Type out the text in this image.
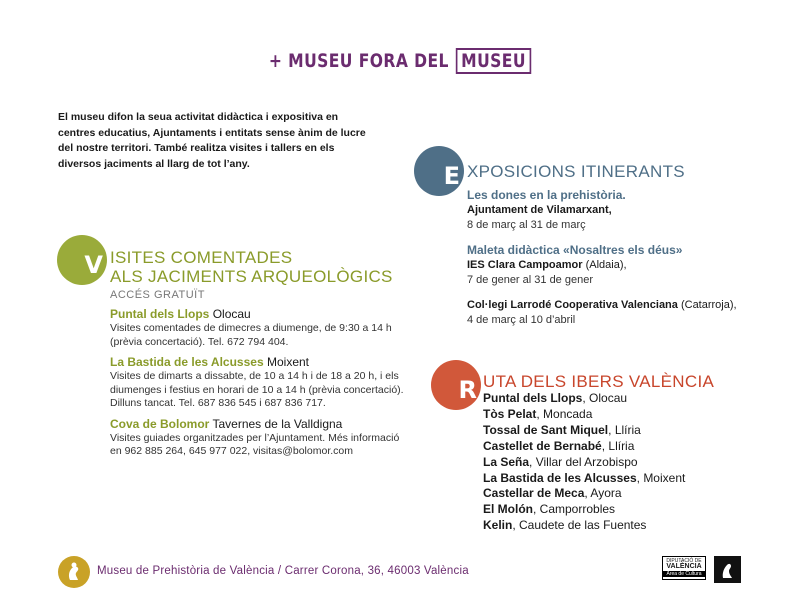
+
MUSEU FORA DEL MUSEU
El museu difon la seua activitat didàctica i expositiva en centres educatius, Ajuntaments i entitats sense ànim de lucre del nostre territori. També realitza visites i tallers en els diversos jaciments al llarg de tot l’any.
V ISITES COMENTADES
ALS JACIMENTS ARQUEOLÒGICS
ACCÉS GRATUÏT
Puntal dels Llops Olocau
Visites comentades de dimecres a diumenge, de 9:30 a 14 h (prèvia concertació). Tel. 672 794 404.
La Bastida de les Alcusses Moixent
Visites de dimarts a dissabte, de 10 a 14 h i de 18 a 20 h, i els diumenges i festius en horari de 10 a 14 h (prèvia concertació). Dilluns tancat. Tel. 687 836 545 i 687 836 717.
Cova de Bolomor Tavernes de la Valldigna
Visites guiades organitzades per l’Ajuntament. Més informació en 962 885 264, 645 977 022, visitas@bolomor.com
E XPOSICIONS ITINERANTS
Les dones en la prehistòria.
Ajuntament de Vilamarxant,
8 de març al 31 de març
Maleta didàctica «Nosaltres els déus»
IES Clara Campoamor (Aldaia),
7 de gener al 31 de gener
Col·legi Larrodé Cooperativa Valenciana (Catarroja),
4 de març al 10 d’abril
R UTA DELS IBERS VALÈNCIA
Puntal dels Llops, Olocau
Tòs Pelat, Moncada
Tossal de Sant Miquel, Llíria
Castellet de Bernabé, Llíria
La Seña, Villar del Arzobispo
La Bastida de les Alcusses, Moixent
Castellar de Meca, Ayora
El Molón, Camporrobles
Kelin, Caudete de las Fuentes
Museu de Prehistòria de València / Carrer Corona, 36, 46003 València
DIPUTACIÓ DE
VALÈNCIA
Àrea de Cultura
